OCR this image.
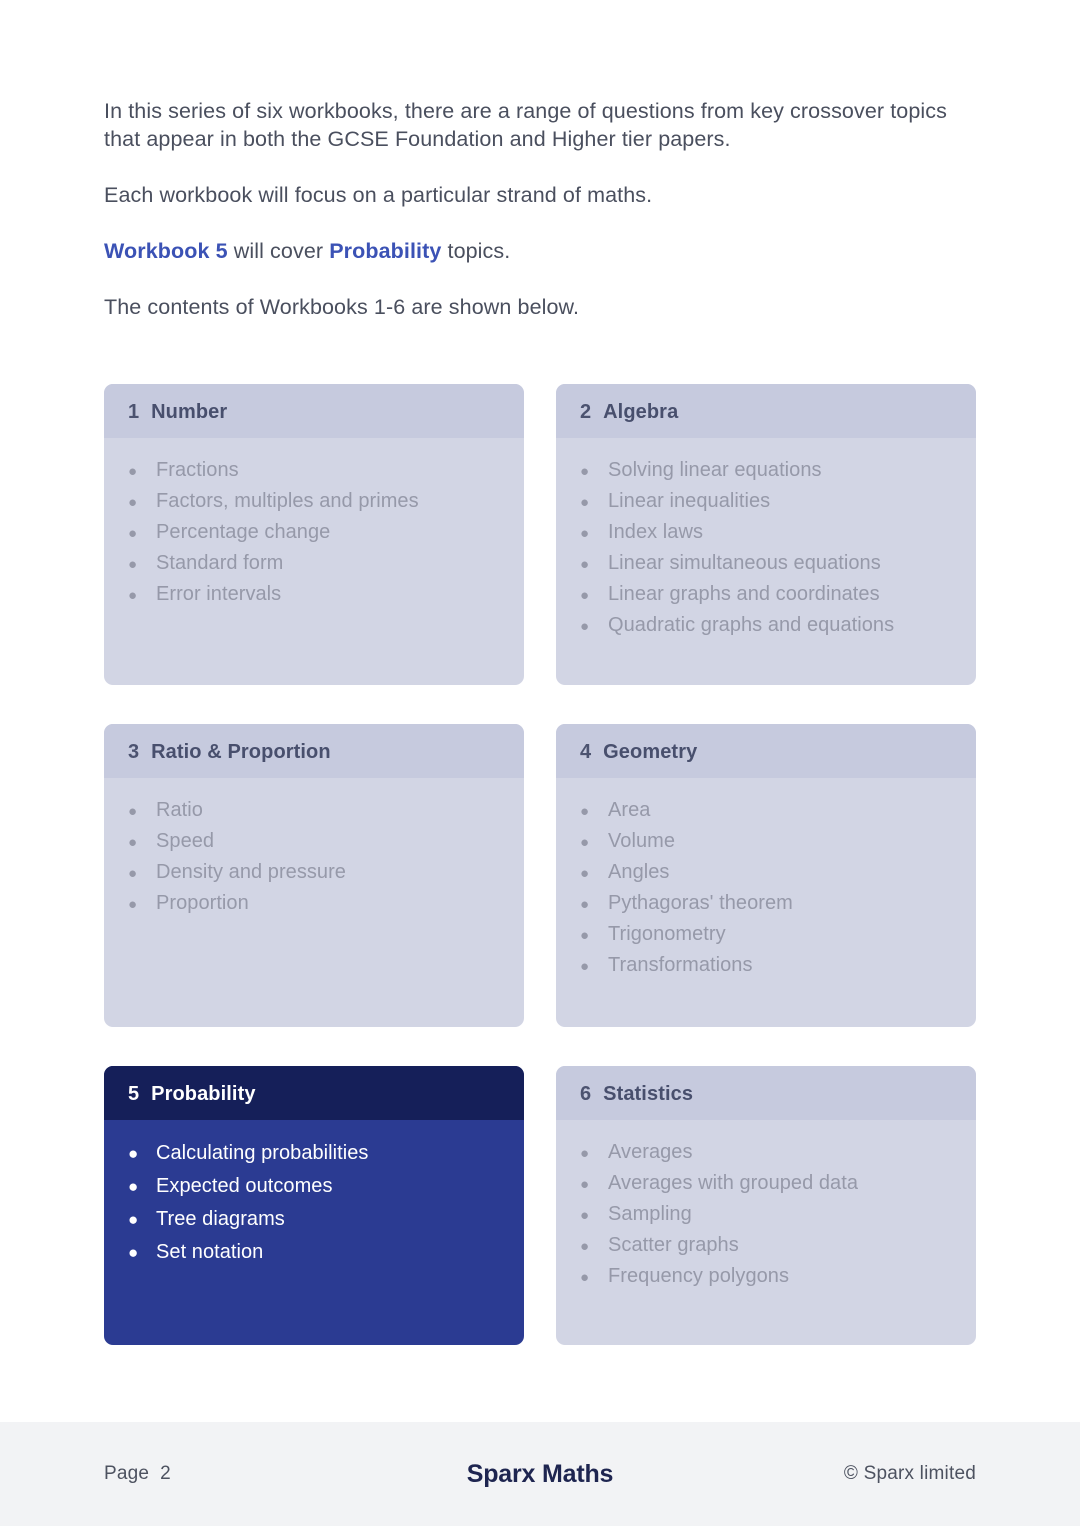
In this series of six workbooks, there are a range of questions from key crossover topics that appear in both the GCSE Foundation and Higher tier papers.

Each workbook will focus on a particular strand of maths.

Workbook 5 will cover Probability topics.

The contents of Workbooks 1-6 are shown below.

1 Number
● Fractions
● Factors, multiples and primes
● Percentage change
● Standard form
● Error intervals
2 Algebra
● Solving linear equations
● Linear inequalities
● Index laws
● Linear simultaneous equations
● Linear graphs and coordinates
● Quadratic graphs and equations
3 Ratio & Proportion
● Ratio
● Speed
● Density and pressure
● Proportion
4 Geometry
● Area
● Volume
● Angles
● Pythagoras' theorem
● Trigonometry
● Transformations
5 Probability
● Calculating probabilities
● Expected outcomes
● Tree diagrams
● Set notation
6 Statistics
● Averages
● Averages with grouped data
● Sampling
● Scatter graphs
● Frequency polygons
Page  2	Sparx Maths	© Sparx limited
